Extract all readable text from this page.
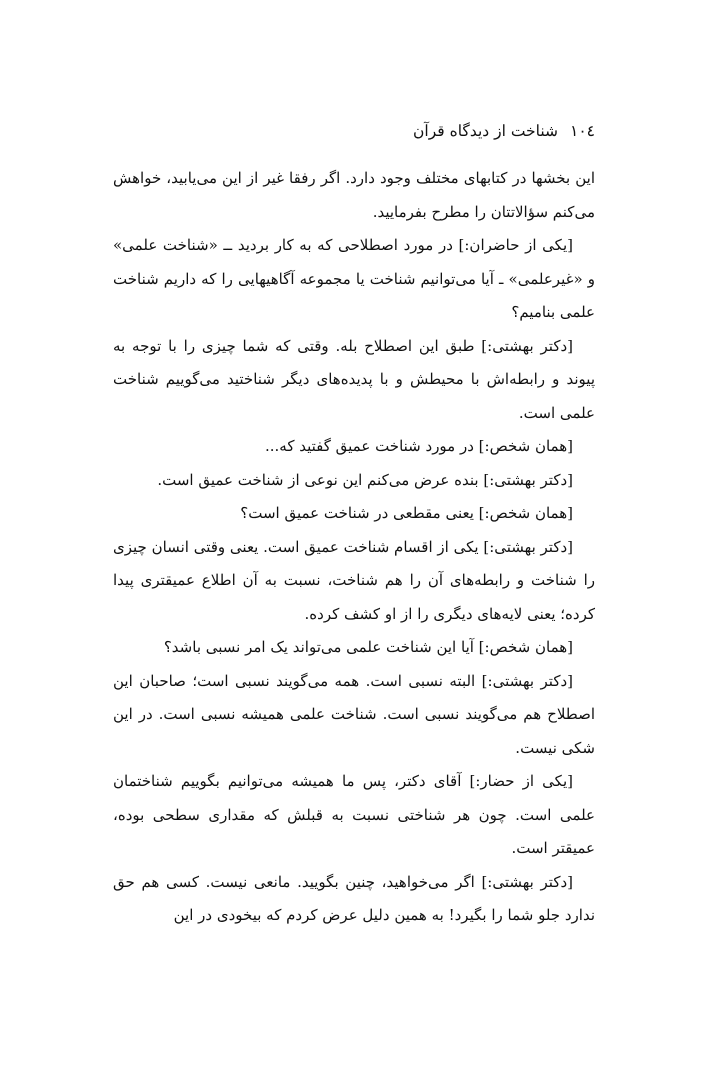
١٠٤
شناخت از دیدگاه قرآن

این بخشها در کتابهای مختلف وجود دارد. اگر رفقا غیر از این می‌یابید، خواهش می‌کنم سؤالاتتان را مطرح بفرمایید.

[یکی از حاضران:] در مورد اصطلاحی که به کار بردید ــ «شناخت علمی» و «غیرعلمی» ـ آیا می‌توانیم شناخت یا مجموعه آگاهیهایی را که داریم شناخت علمی بنامیم؟

[دکتر بهشتی:] طبق این اصطلاح بله. وقتی که شما چیزی را با توجه به پیوند و رابطه‌اش با محیطش و با پدیده‌های دیگر شناختید می‌گوییم شناخت علمی است.

[همان شخص:] در مورد شناخت عمیق گفتید که...

[دکتر بهشتی:] بنده عرض می‌کنم این نوعی از شناخت عمیق است.

[همان شخص:] یعنی مقطعی در شناخت عمیق است؟

[دکتر بهشتی:] یکی از اقسام شناخت عمیق است. یعنی وقتی انسان چیزی را شناخت و رابطه‌های آن را هم شناخت، نسبت به آن اطلاع عمیقتری پیدا کرده؛ یعنی لایه‌های دیگری را از او کشف کرده.

[همان شخص:] آیا این شناخت علمی می‌تواند یک امر نسبی باشد؟

[دکتر بهشتی:] البته نسبی است. همه می‌گویند نسبی است؛ صاحبان این اصطلاح هم می‌گویند نسبی است. شناخت علمی همیشه نسبی است. در این شکی نیست.

[یکی از حضار:] آقای دکتر، پس ما همیشه می‌توانیم بگوییم شناختمان علمی است. چون هر شناختی نسبت به قبلش که مقداری سطحی بوده، عمیقتر است.

[دکتر بهشتی:] اگر می‌خواهید، چنین بگویید. مانعی نیست. کسی هم حق ندارد جلو شما را بگیرد! به همین دلیل عرض کردم که بیخودی در این
